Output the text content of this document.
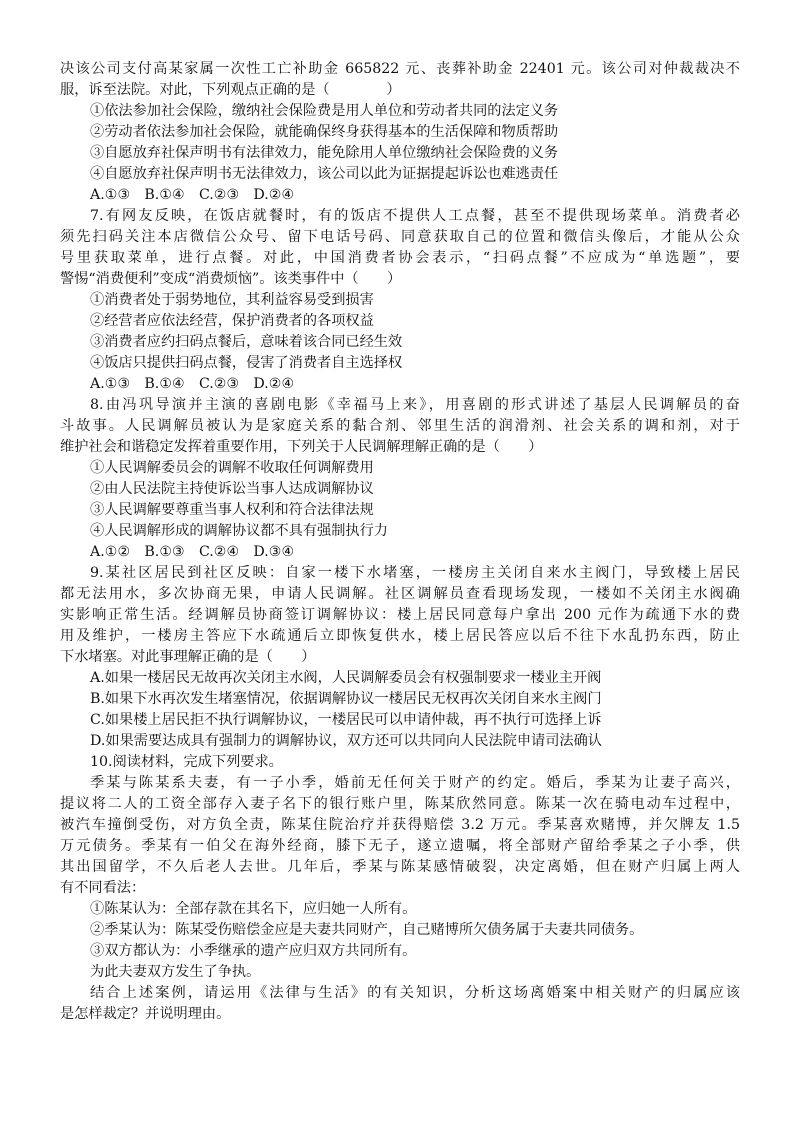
决该公司支付高某家属一次性工亡补助金 665822 元、丧葬补助金 22401 元。该公司对仲裁裁决不
服，诉至法院。对此，下列观点正确的是（　　　　）
①依法参加社会保险，缴纳社会保险费是用人单位和劳动者共同的法定义务
②劳动者依法参加社会保险，就能确保终身获得基本的生活保障和物质帮助
③自愿放弃社保声明书有法律效力，能免除用人单位缴纳社会保险费的义务
④自愿放弃社保声明书无法律效力，该公司以此为证据提起诉讼也难逃责任
A.①③　B.①④　C.②③　D.②④
7.有网友反映，在饭店就餐时，有的饭店不提供人工点餐，甚至不提供现场菜单。消费者必
须先扫码关注本店微信公众号、留下电话号码、同意获取自己的位置和微信头像后，才能从公众
号里获取菜单，进行点餐。对此，中国消费者协会表示，“扫码点餐”不应成为“单选题”，要
警惕“消费便利”变成“消费烦恼”。该类事件中（　　）
①消费者处于弱势地位，其利益容易受到损害
②经营者应依法经营，保护消费者的各项权益
③消费者应约扫码点餐后，意味着该合同已经生效
④饭店只提供扫码点餐，侵害了消费者自主选择权
A.①③　B.①④　C.②③　D.②④
8.由冯巩导演并主演的喜剧电影《幸福马上来》，用喜剧的形式讲述了基层人民调解员的奋
斗故事。人民调解员被认为是家庭关系的黏合剂、邻里生活的润滑剂、社会关系的调和剂，对于
维护社会和谐稳定发挥着重要作用，下列关于人民调解理解正确的是（　　）
①人民调解委员会的调解不收取任何调解费用
②由人民法院主持使诉讼当事人达成调解协议
③人民调解要尊重当事人权利和符合法律法规
④人民调解形成的调解协议都不具有强制执行力
A.①②　B.①③　C.②④　D.③④
9.某社区居民到社区反映：自家一楼下水堵塞，一楼房主关闭自来水主阀门，导致楼上居民
都无法用水，多次协商无果，申请人民调解。社区调解员查看现场发现，一楼如不关闭主水阀确
实影响正常生活。经调解员协商签订调解协议：楼上居民同意每户拿出 200 元作为疏通下水的费
用及维护，一楼房主答应下水疏通后立即恢复供水，楼上居民答应以后不往下水乱扔东西，防止
下水堵塞。对此事理解正确的是（　　）
A.如果一楼居民无故再次关闭主水阀，人民调解委员会有权强制要求一楼业主开阀
B.如果下水再次发生堵塞情况，依据调解协议一楼居民无权再次关闭自来水主阀门
C.如果楼上居民拒不执行调解协议，一楼居民可以申请仲裁，再不执行可选择上诉
D.如果需要达成具有强制力的调解协议，双方还可以共同向人民法院申请司法确认
10.阅读材料，完成下列要求。
季某与陈某系夫妻，有一子小季，婚前无任何关于财产的约定。婚后，季某为让妻子高兴，
提议将二人的工资全部存入妻子名下的银行账户里，陈某欣然同意。陈某一次在骑电动车过程中，
被汽车撞倒受伤，对方负全责，陈某住院治疗并获得赔偿 3.2 万元。季某喜欢赌博，并欠牌友 1.5
万元债务。季某有一伯父在海外经商，膝下无子，遂立遗嘱，将全部财产留给季某之子小季，供
其出国留学，不久后老人去世。几年后，季某与陈某感情破裂，决定离婚，但在财产归属上两人
有不同看法：
①陈某认为：全部存款在其名下，应归她一人所有。
②季某认为：陈某受伤赔偿金应是夫妻共同财产，自己赌博所欠债务属于夫妻共同债务。
③双方都认为：小季继承的遗产应归双方共同所有。
为此夫妻双方发生了争执。
结合上述案例，请运用《法律与生活》的有关知识，分析这场离婚案中相关财产的归属应该
是怎样裁定？并说明理由。
